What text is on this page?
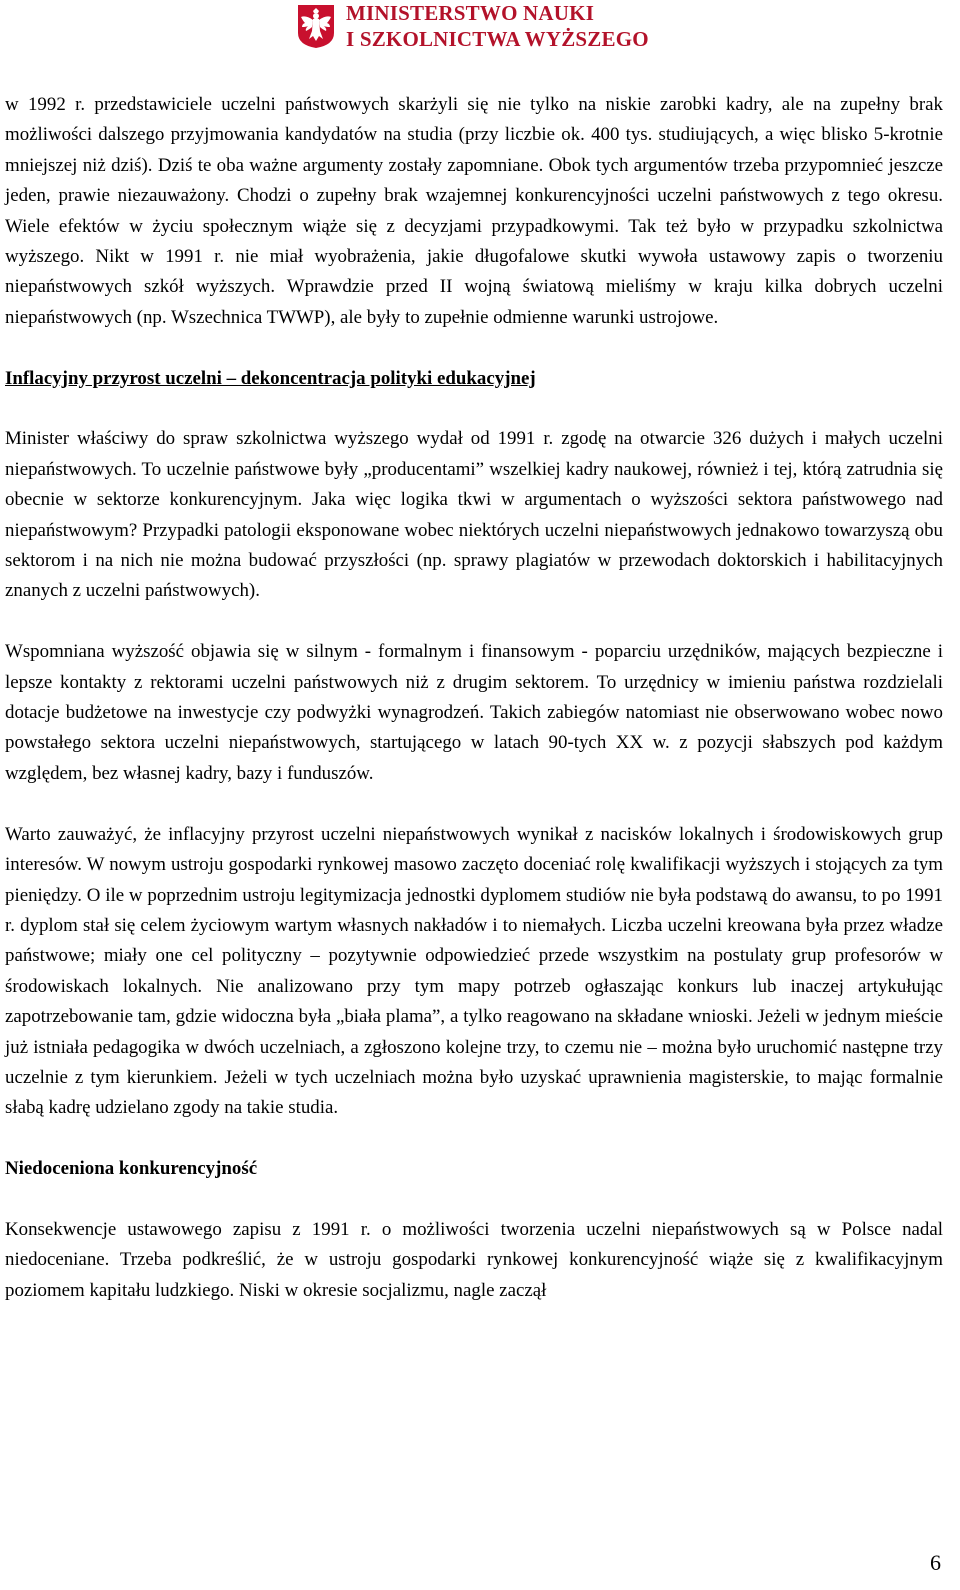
MINISTERSTWO NAUKI
I SZKOLNICTWA WYŻSZEGO

w 1992 r. przedstawiciele uczelni państwowych skarżyli się nie tylko na niskie zarobki kadry, ale na zupełny brak możliwości dalszego przyjmowania kandydatów na studia (przy liczbie ok. 400 tys. studiujących, a więc blisko 5-krotnie mniejszej niż dziś). Dziś te oba ważne argumenty zostały zapomniane. Obok tych argumentów trzeba przypomnieć jeszcze jeden, prawie niezauważony. Chodzi o zupełny brak wzajemnej konkurencyjności uczelni państwowych z tego okresu. Wiele efektów w życiu społecznym wiąże się z decyzjami przypadkowymi. Tak też było w przypadku szkolnictwa wyższego. Nikt w 1991 r. nie miał wyobrażenia, jakie długofalowe skutki wywoła ustawowy zapis o tworzeniu niepaństwowych szkół wyższych. Wprawdzie przed II wojną światową mieliśmy w kraju kilka dobrych uczelni niepaństwowych (np. Wszechnica TWWP), ale były to zupełnie odmienne warunki ustrojowe.

Inflacyjny przyrost uczelni – dekoncentracja polityki edukacyjnej

Minister właściwy do spraw szkolnictwa wyższego wydał od 1991 r. zgodę na otwarcie 326 dużych i małych uczelni niepaństwowych. To uczelnie państwowe były „producentami” wszelkiej kadry naukowej, również i tej, którą zatrudnia się obecnie w sektorze konkurencyjnym. Jaka więc logika tkwi w argumentach o wyższości sektora państwowego nad niepaństwowym? Przypadki patologii eksponowane wobec niektórych uczelni niepaństwowych jednakowo towarzyszą obu sektorom i na nich nie można budować przyszłości (np. sprawy plagiatów w przewodach doktorskich i habilitacyjnych znanych z uczelni państwowych).

Wspomniana wyższość objawia się w silnym - formalnym i finansowym - poparciu urzędników, mających bezpieczne i lepsze kontakty z rektorami uczelni państwowych niż z drugim sektorem. To urzędnicy w imieniu państwa rozdzielali dotacje budżetowe na inwestycje czy podwyżki wynagrodzeń. Takich zabiegów natomiast nie obserwowano wobec nowo powstałego sektora uczelni niepaństwowych, startującego w latach 90-tych XX w. z pozycji słabszych pod każdym względem, bez własnej kadry, bazy i funduszów.

Warto zauważyć, że inflacyjny przyrost uczelni niepaństwowych wynikał z nacisków lokalnych i środowiskowych grup interesów. W nowym ustroju gospodarki rynkowej masowo zaczęto doceniać rolę kwalifikacji wyższych i stojących za tym pieniędzy. O ile w poprzednim ustroju legitymizacja jednostki dyplomem studiów nie była podstawą do awansu, to po 1991 r. dyplom stał się celem życiowym wartym własnych nakładów i to niemałych. Liczba uczelni kreowana była przez władze państwowe; miały one cel polityczny – pozytywnie odpowiedzieć przede wszystkim na postulaty grup profesorów w środowiskach lokalnych. Nie analizowano przy tym mapy potrzeb ogłaszając konkurs lub inaczej artykułując zapotrzebowanie tam, gdzie widoczna była „biała plama”, a tylko reagowano na składane wnioski. Jeżeli w jednym mieście już istniała pedagogika w dwóch uczelniach, a zgłoszono kolejne trzy, to czemu nie – można było uruchomić następne trzy uczelnie z tym kierunkiem. Jeżeli w tych uczelniach można było uzyskać uprawnienia magisterskie, to mając formalnie słabą kadrę udzielano zgody na takie studia.

Niedoceniona konkurencyjność

Konsekwencje ustawowego zapisu z 1991 r. o możliwości tworzenia uczelni niepaństwowych są w Polsce nadal niedoceniane. Trzeba podkreślić, że w ustroju gospodarki rynkowej konkurencyjność wiąże się z kwalifikacyjnym poziomem kapitału ludzkiego. Niski w okresie socjalizmu, nagle zaczął

6
